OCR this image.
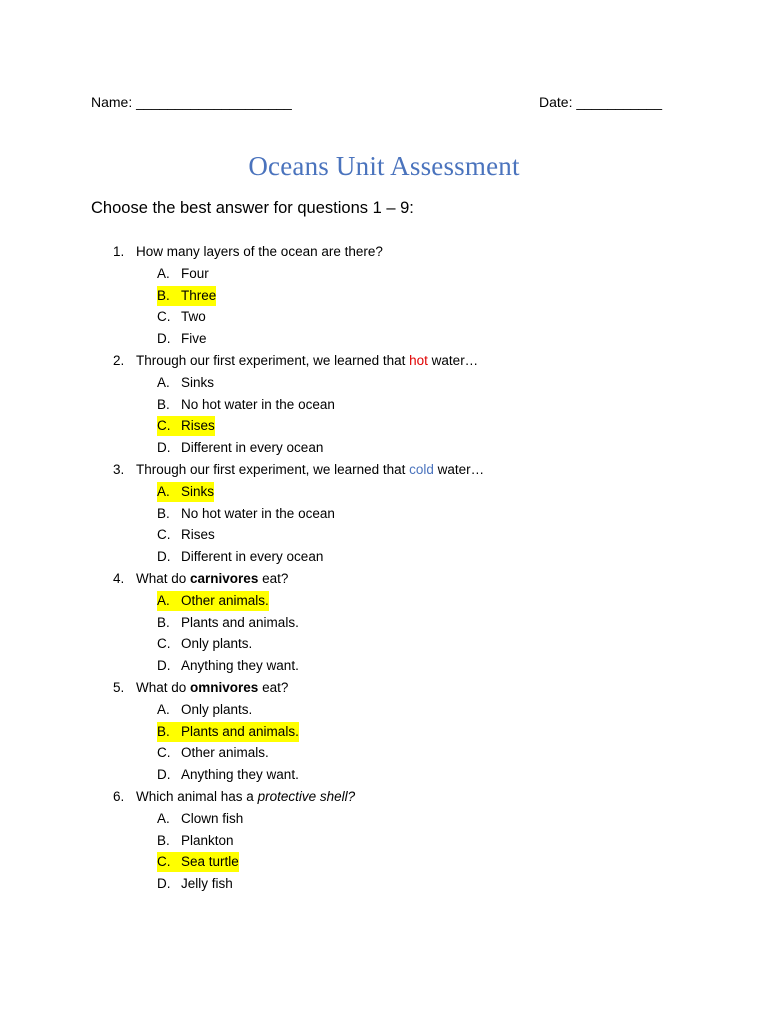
Name: ____________________	Date: ___________
Oceans Unit Assessment
Choose the best answer for questions 1 – 9:
1. How many layers of the ocean are there?
A. Four
B. Three
C. Two
D. Five
2. Through our first experiment, we learned that hot water…
A. Sinks
B. No hot water in the ocean
C. Rises
D. Different in every ocean
3. Through our first experiment, we learned that cold water…
A. Sinks
B. No hot water in the ocean
C. Rises
D. Different in every ocean
4. What do carnivores eat?
A. Other animals.
B. Plants and animals.
C. Only plants.
D. Anything they want.
5. What do omnivores eat?
A. Only plants.
B. Plants and animals.
C. Other animals.
D. Anything they want.
6. Which animal has a protective shell?
A. Clown fish
B. Plankton
C. Sea turtle
D. Jelly fish
